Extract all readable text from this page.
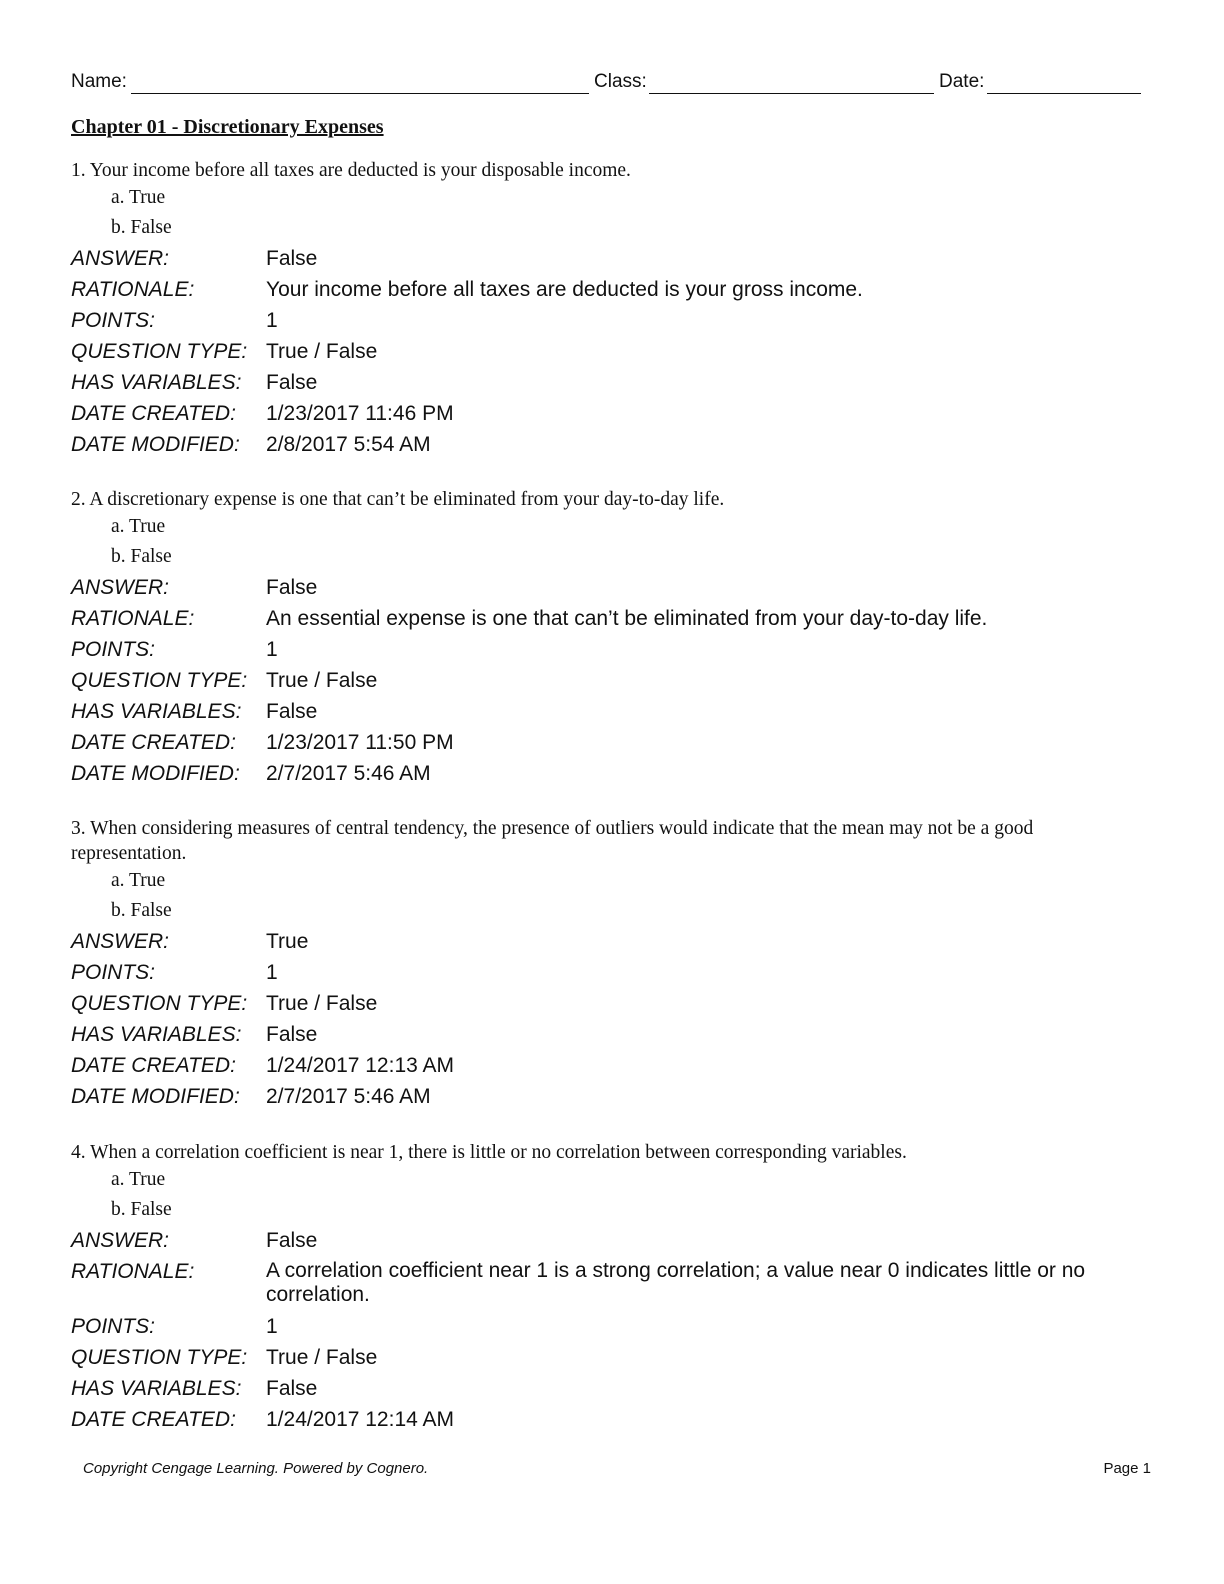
Name:	Class:	Date:
Chapter 01 - Discretionary Expenses

1. Your income before all taxes are deducted is your disposable income.

a. True
b. False
ANSWER:	False
RATIONALE:	Your income before all taxes are deducted is your gross income.
POINTS:	1
QUESTION TYPE: True / False
HAS VARIABLES:	False
DATE CREATED:	1/23/2017 11:46 PM
DATE MODIFIED:	2/8/2017 5:54 AM

2. A discretionary expense is one that can’t be eliminated from your day-to-day life.

a. True
b. False
ANSWER:	False
RATIONALE:	An essential expense is one that can’t be eliminated from your day-to-day life.
POINTS:	1
QUESTION TYPE: True / False
HAS VARIABLES:	False
DATE CREATED:	1/23/2017 11:50 PM
DATE MODIFIED:	2/7/2017 5:46 AM

3. When considering measures of central tendency, the presence of outliers would indicate that the mean may not be a good representation.

a. True
b. False
ANSWER:	True
POINTS:	1
QUESTION TYPE: True / False
HAS VARIABLES:	False
DATE CREATED:	1/24/2017 12:13 AM
DATE MODIFIED:	2/7/2017 5:46 AM

4. When a correlation coefficient is near 1, there is little or no correlation between corresponding variables.

a. True
b. False
ANSWER:	False
RATIONALE:	A correlation coefficient near 1 is a strong correlation; a value near 0 indicates little or no correlation.
POINTS:	1
QUESTION TYPE: True / False
HAS VARIABLES:	False
DATE CREATED:	1/24/2017 12:14 AM
Copyright Cengage Learning. Powered by Cognero.	Page 1
